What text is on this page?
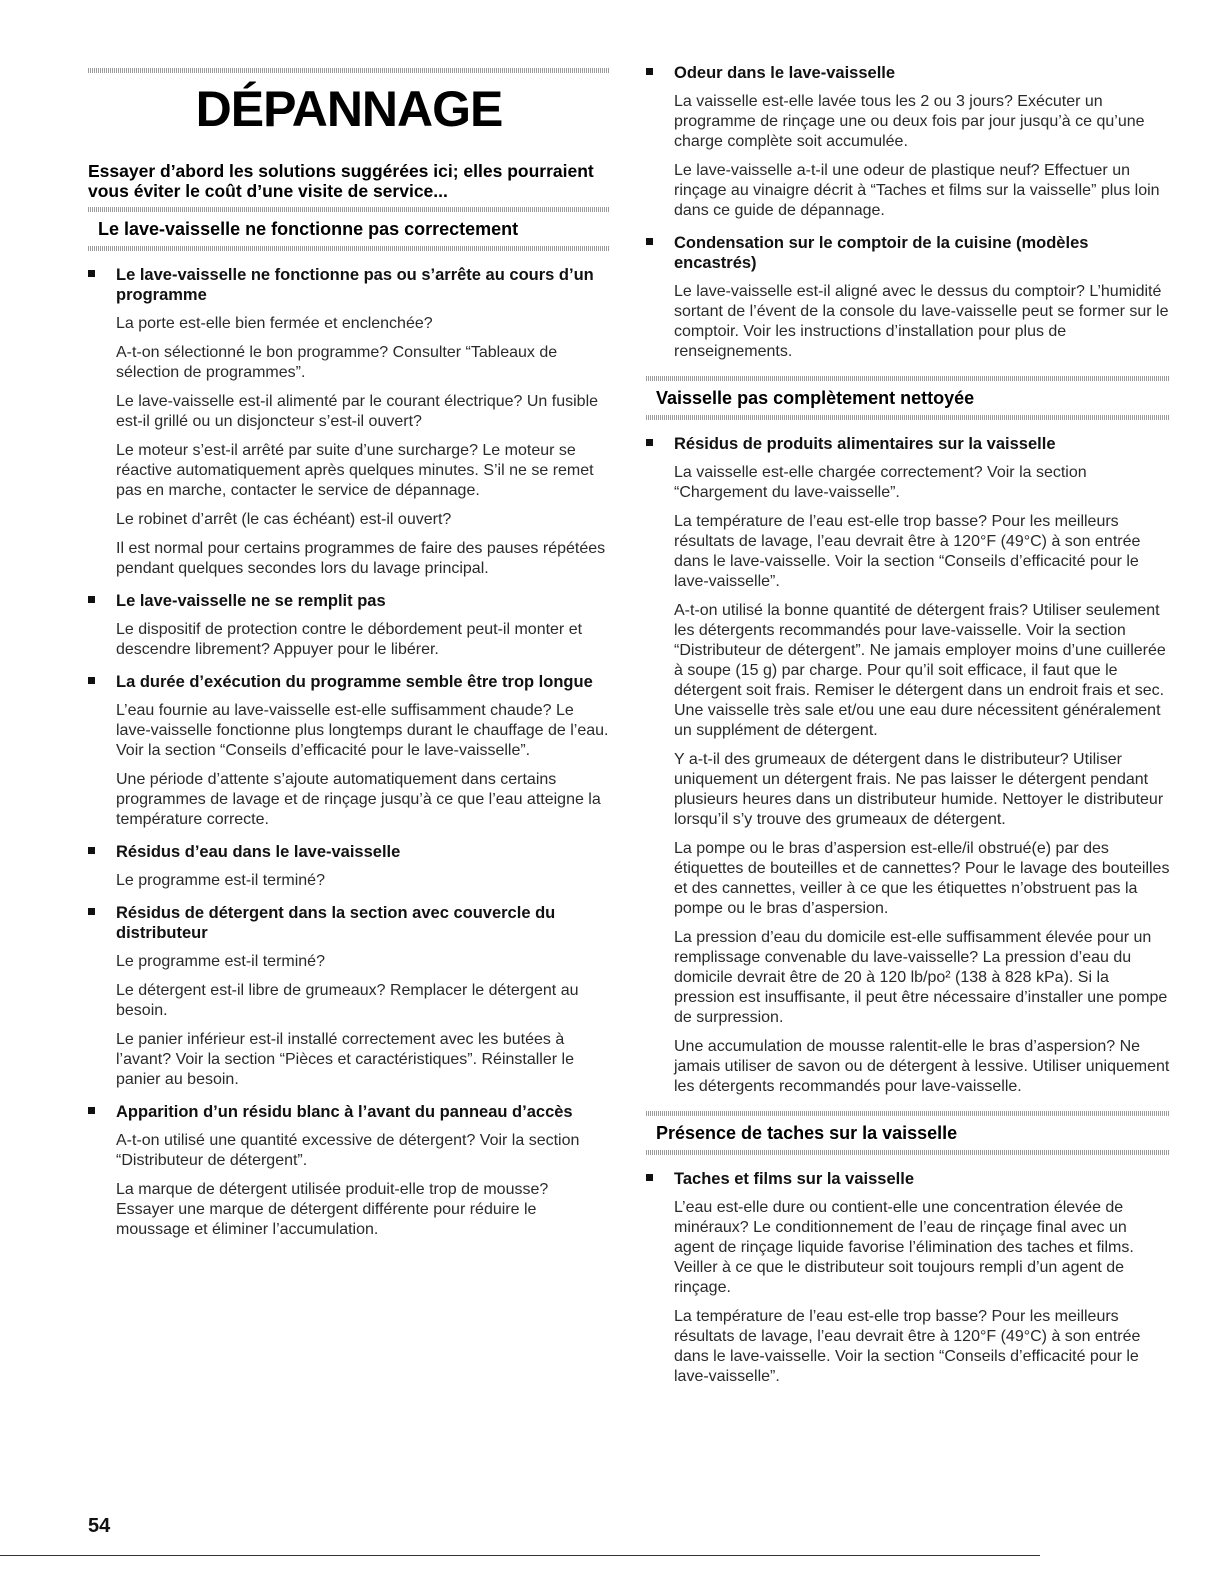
DÉPANNAGE

Essayer d’abord les solutions suggérées ici; elles pourraient vous éviter le coût d’une visite de service...

Le lave-vaisselle ne fonctionne pas correctement

Le lave-vaisselle ne fonctionne pas ou s’arrête au cours d’un programme

La porte est-elle bien fermée et enclenchée?

A-t-on sélectionné le bon programme? Consulter “Tableaux de sélection de programmes”.

Le lave-vaisselle est-il alimenté par le courant électrique? Un fusible est-il grillé ou un disjoncteur s’est-il ouvert?

Le moteur s’est-il arrêté par suite d’une surcharge? Le moteur se réactive automatiquement après quelques minutes. S’il ne se remet pas en marche, contacter le service de dépannage.

Le robinet d’arrêt (le cas échéant) est-il ouvert?

Il est normal pour certains programmes de faire des pauses répétées pendant quelques secondes lors du lavage principal.

Le lave-vaisselle ne se remplit pas

Le dispositif de protection contre le débordement peut-il monter et descendre librement? Appuyer pour le libérer.

La durée d’exécution du programme semble être trop longue

L’eau fournie au lave-vaisselle est-elle suffisamment chaude? Le lave-vaisselle fonctionne plus longtemps durant le chauffage de l’eau. Voir la section “Conseils d’efficacité pour le lave-vaisselle”.

Une période d’attente s’ajoute automatiquement dans certains programmes de lavage et de rinçage jusqu’à ce que l’eau atteigne la température correcte.

Résidus d’eau dans le lave-vaisselle

Le programme est-il terminé?

Résidus de détergent dans la section avec couvercle du distributeur

Le programme est-il terminé?

Le détergent est-il libre de grumeaux? Remplacer le détergent au besoin.

Le panier inférieur est-il installé correctement avec les butées à l’avant? Voir la section “Pièces et caractéristiques”. Réinstaller le panier au besoin.

Apparition d’un résidu blanc à l’avant du panneau d’accès

A-t-on utilisé une quantité excessive de détergent? Voir la section “Distributeur de détergent”.

La marque de détergent utilisée produit-elle trop de mousse? Essayer une marque de détergent différente pour réduire le moussage et éliminer l’accumulation.

Odeur dans le lave-vaisselle

La vaisselle est-elle lavée tous les 2 ou 3 jours? Exécuter un programme de rinçage une ou deux fois par jour jusqu’à ce qu’une charge complète soit accumulée.

Le lave-vaisselle a-t-il une odeur de plastique neuf? Effectuer un rinçage au vinaigre décrit à “Taches et films sur la vaisselle” plus loin dans ce guide de dépannage.

Condensation sur le comptoir de la cuisine (modèles encastrés)

Le lave-vaisselle est-il aligné avec le dessus du comptoir? L’humidité sortant de l’évent de la console du lave-vaisselle peut se former sur le comptoir. Voir les instructions d’installation pour plus de renseignements.

Vaisselle pas complètement nettoyée

Résidus de produits alimentaires sur la vaisselle

La vaisselle est-elle chargée correctement? Voir la section “Chargement du lave-vaisselle”.

La température de l’eau est-elle trop basse? Pour les meilleurs résultats de lavage, l’eau devrait être à 120°F (49°C) à son entrée dans le lave-vaisselle. Voir la section “Conseils d’efficacité pour le lave-vaisselle”.

A-t-on utilisé la bonne quantité de détergent frais? Utiliser seulement les détergents recommandés pour lave-vaisselle. Voir la section “Distributeur de détergent”. Ne jamais employer moins d’une cuillerée à soupe (15 g) par charge. Pour qu’il soit efficace, il faut que le détergent soit frais. Remiser le détergent dans un endroit frais et sec. Une vaisselle très sale et/ou une eau dure nécessitent généralement un supplément de détergent.

Y a-t-il des grumeaux de détergent dans le distributeur? Utiliser uniquement un détergent frais. Ne pas laisser le détergent pendant plusieurs heures dans un distributeur humide. Nettoyer le distributeur lorsqu’il s’y trouve des grumeaux de détergent.

La pompe ou le bras d’aspersion est-elle/il obstrué(e) par des étiquettes de bouteilles et de cannettes? Pour le lavage des bouteilles et des cannettes, veiller à ce que les étiquettes n’obstruent pas la pompe ou le bras d’aspersion.

La pression d’eau du domicile est-elle suffisamment élevée pour un remplissage convenable du lave-vaisselle? La pression d’eau du domicile devrait être de 20 à 120 lb/po² (138 à 828 kPa). Si la pression est insuffisante, il peut être nécessaire d’installer une pompe de surpression.

Une accumulation de mousse ralentit-elle le bras d’aspersion? Ne jamais utiliser de savon ou de détergent à lessive. Utiliser uniquement les détergents recommandés pour lave-vaisselle.

Présence de taches sur la vaisselle

Taches et films sur la vaisselle

L’eau est-elle dure ou contient-elle une concentration élevée de minéraux? Le conditionnement de l’eau de rinçage final avec un agent de rinçage liquide favorise l’élimination des taches et films. Veiller à ce que le distributeur soit toujours rempli d’un agent de rinçage.

La température de l’eau est-elle trop basse? Pour les meilleurs résultats de lavage, l’eau devrait être à 120°F (49°C) à son entrée dans le lave-vaisselle. Voir la section “Conseils d’efficacité pour le lave-vaisselle”.

54
